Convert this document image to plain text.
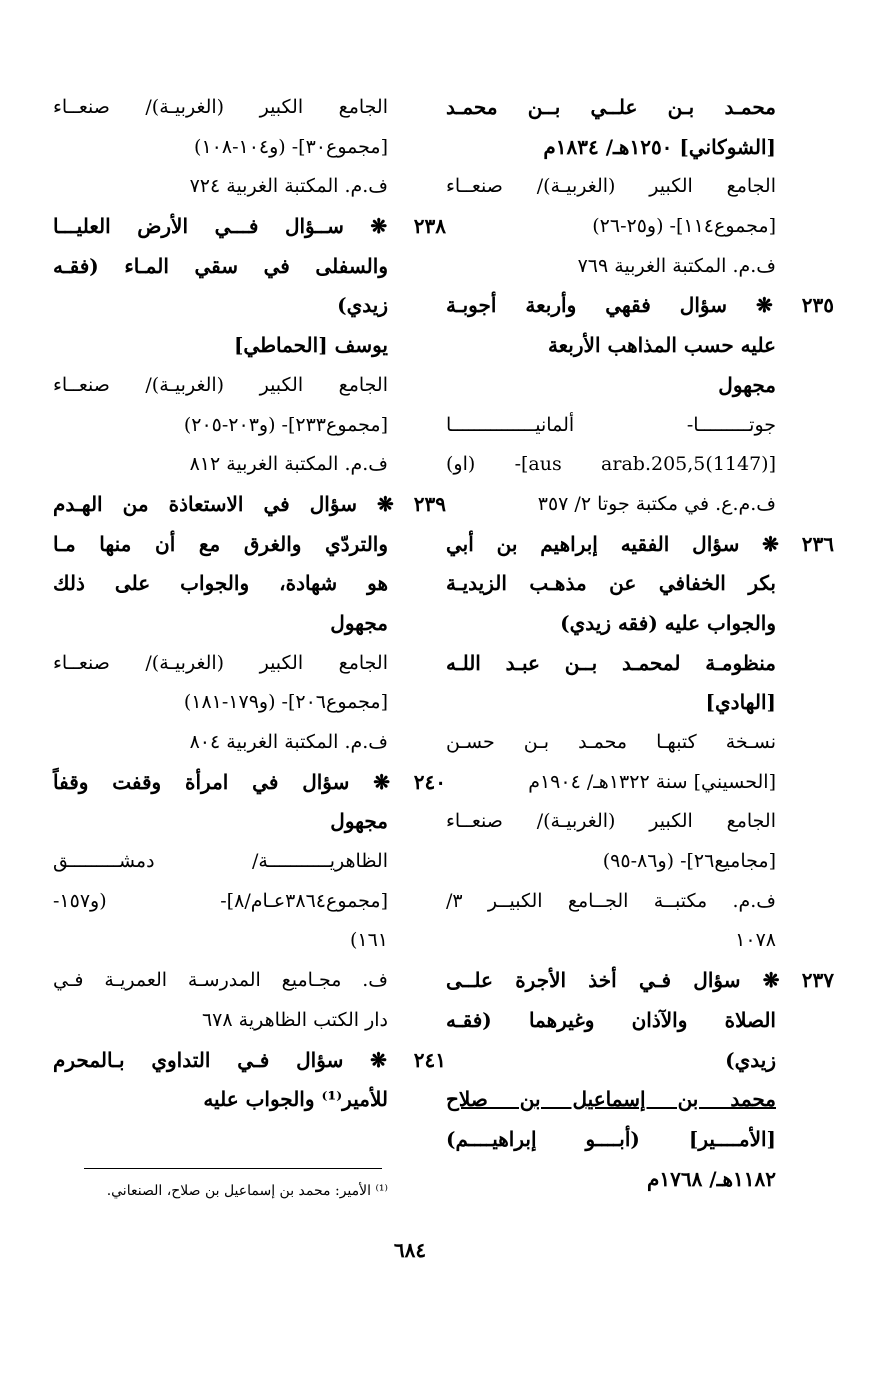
محمـد بـن علــي بــن محمـد
[الشوكاني] ١٢٥٠هـ/ ١٨٣٤م
الجامع الكبير (الغربيـة)/ صنعــاء
[مجموع١١٤]- (و٢٥-٢٦)
ف.م. المكتبة الغربية ٧٦٩
٢٣٥ ❋ سؤال فقهي وأربعة أجوبـة
عليه حسب المذاهب الأربعة
مجهول
جوتـــــــــا- ألمانيـــــــــــــــا
[(1147)5,aus arab.205]- (او)
ف.م.ع. في مكتبة جوتا ٢/ ٣٥٧
٢٣٦ ❋ سؤال الفقيه إبراهيم بن أبي
بكر الخفافي عن مذهـب الزيديـة
والجواب عليه (فقه زيدي)
منظومـة لمحمـد بــن عبـد اللـه
[الهادي]
نسـخة كتبهـا محمـد بـن حسـن
[الحسيني] سنة ١٣٢٢هـ/ ١٩٠٤م
الجامع الكبير (الغربيـة)/ صنعــاء
[مجاميع٢٦]- (و٨٦-٩٥)
ف.م. مكتبــة الجــامع الكبيــر ٣/
١٠٧٨
٢٣٧ ❋ سؤال فـي أخذ الأجرة علــى
الصلاة والآذان وغيرهما (فقـه
زيدي)
محمد بن إسماعيل بن صلاح
[الأمــــير] (أبــــو إبراهيــــم)
١١٨٢هـ/ ١٧٦٨م
الجامع الكبير (الغربيـة)/ صنعــاء
[مجموع٣٠]- (و١٠٤-١٠٨)
ف.م. المكتبة الغربية ٧٢٤
٢٣٨ ❋ ســؤال فـــي الأرض العليـــا
والسفلى في سقي المـاء (فقـه
زيدي)
يوسف [الحماطي]
الجامع الكبير (الغربيـة)/ صنعــاء
[مجموع٢٣٣]- (و٢٠٣-٢٠٥)
ف.م. المكتبة الغربية ٨١٢
٢٣٩ ❋ سؤال في الاستعاذة من الهـدم
والتردّي والغرق مع أن منها مـا
هو شهادة، والجواب على ذلك
مجهول
الجامع الكبير (الغربيـة)/ صنعــاء
[مجموع٢٠٦]- (و١٧٩-١٨١)
ف.م. المكتبة الغربية ٨٠٤
٢٤٠ ❋ سؤال في امرأة وقفت وقفاً
مجهول
الظاهريـــــــــــة/ دمشـــــــــق
[مجموع٣٨٦٤عـام/٨]- (و١٥٧-
١٦١)
ف. مجـاميع المدرسـة العمريـة فـي
دار الكتب الظاهرية ٦٧٨
٢٤١ ❋ سؤال فـي التداوي بـالمحرم
للأمير⁽¹⁾ والجواب عليه
⁽¹⁾ الأمير: محمد بن إسماعيل بن صلاح، الصنعاني.
٦٨٤
